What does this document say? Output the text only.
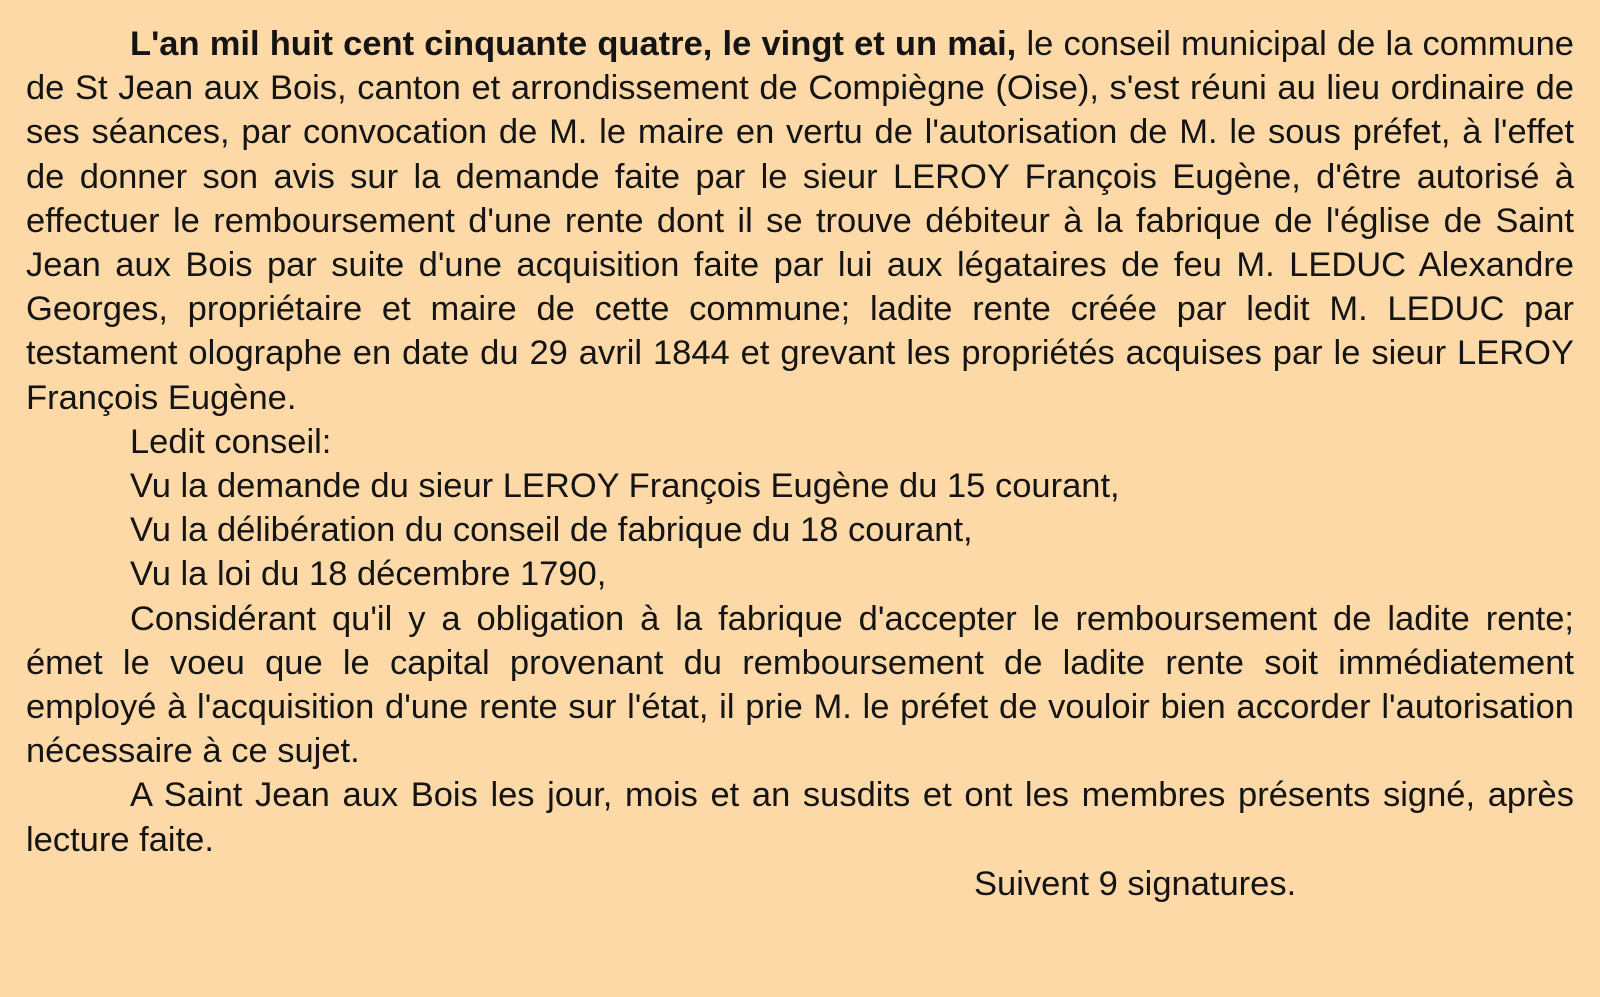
L'an mil huit cent cinquante quatre, le vingt et un mai, le conseil municipal de la commune de St Jean aux Bois, canton et arrondissement de Compiègne (Oise), s'est réuni au lieu ordinaire de ses séances, par convocation de M. le maire en vertu de l'autorisation de M. le sous préfet, à l'effet de donner son avis sur la demande faite par le sieur LEROY François Eugène, d'être autorisé à effectuer le remboursement d'une rente dont il se trouve débiteur à la fabrique de l'église de Saint Jean aux Bois par suite d'une acquisition faite par lui aux légataires de feu M. LEDUC Alexandre Georges, propriétaire et maire de cette commune; ladite rente créée par ledit M. LEDUC par testament olographe en date du 29 avril 1844 et grevant les propriétés acquises par le sieur LEROY François Eugène.

Ledit conseil:

Vu la demande du sieur LEROY François Eugène du 15 courant,

Vu la délibération du conseil de fabrique du 18 courant,

Vu la loi du 18 décembre 1790,

Considérant qu'il y a obligation à la fabrique d'accepter le remboursement de ladite rente; émet le voeu que le capital provenant du remboursement de ladite rente soit immédiatement employé à l'acquisition d'une rente sur l'état, il prie M. le préfet de vouloir bien accorder l'autorisation nécessaire à ce sujet.

A Saint Jean aux Bois les jour, mois et an susdits et ont les membres présents signé, après lecture faite.

Suivent 9 signatures.
